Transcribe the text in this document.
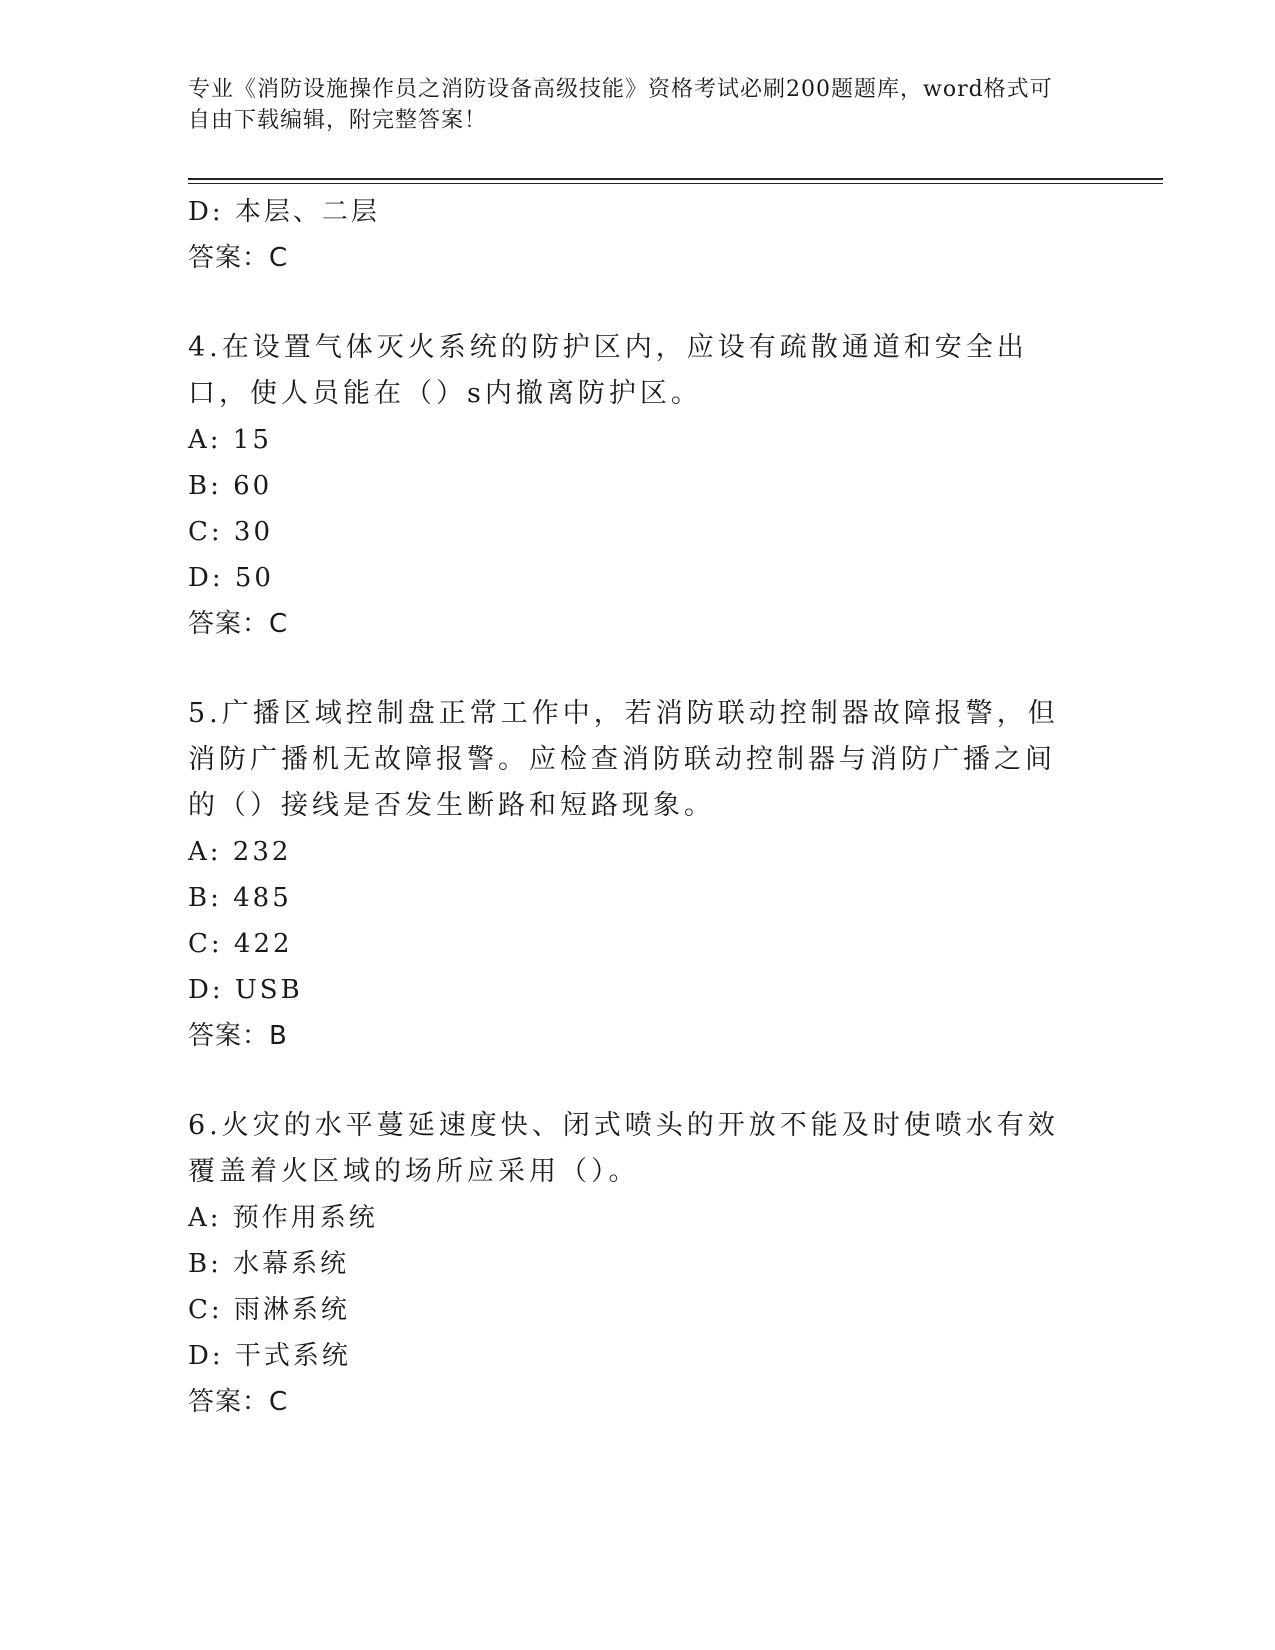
专业《消防设施操作员之消防设备高级技能》资格考试必刷200题题库，word格式可自由下载编辑，附完整答案！
D: 本层、二层
答案：C
4.在设置气体灭火系统的防护区内，应设有疏散通道和安全出口，使人员能在（）s内撤离防护区。
A: 15
B: 60
C: 30
D: 50
答案：C
5.广播区域控制盘正常工作中，若消防联动控制器故障报警，但消防广播机无故障报警。应检查消防联动控制器与消防广播之间的（）接线是否发生断路和短路现象。
A: 232
B: 485
C: 422
D: USB
答案：B
6.火灾的水平蔓延速度快、闭式喷头的开放不能及时使喷水有效覆盖着火区域的场所应采用（）。
A: 预作用系统
B: 水幕系统
C: 雨淋系统
D: 干式系统
答案：C
